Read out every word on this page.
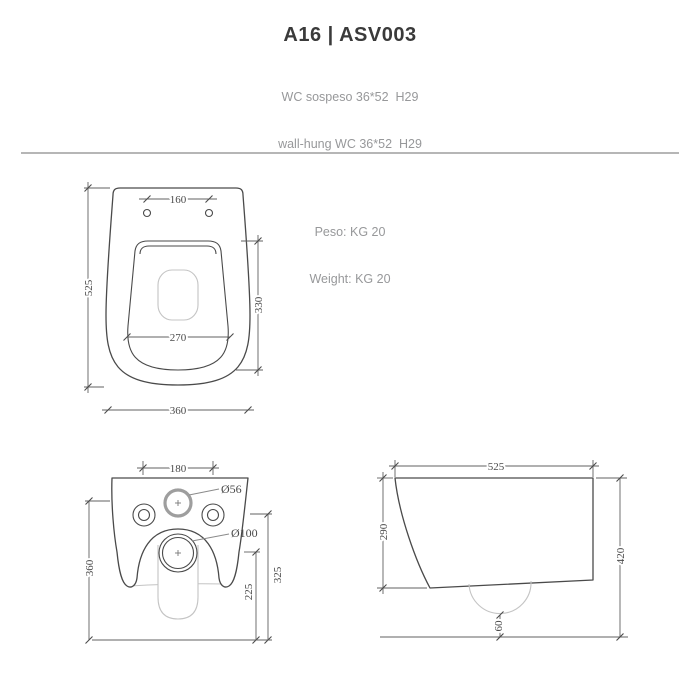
A16 | ASV003

WC sospeso 36*52  H29

wall-hung WC 36*52  H29

Peso: KG 20

Weight: KG 20

160
525
330
270
360
Ø56
Ø100
180
360
225
325
525
290
420
60
